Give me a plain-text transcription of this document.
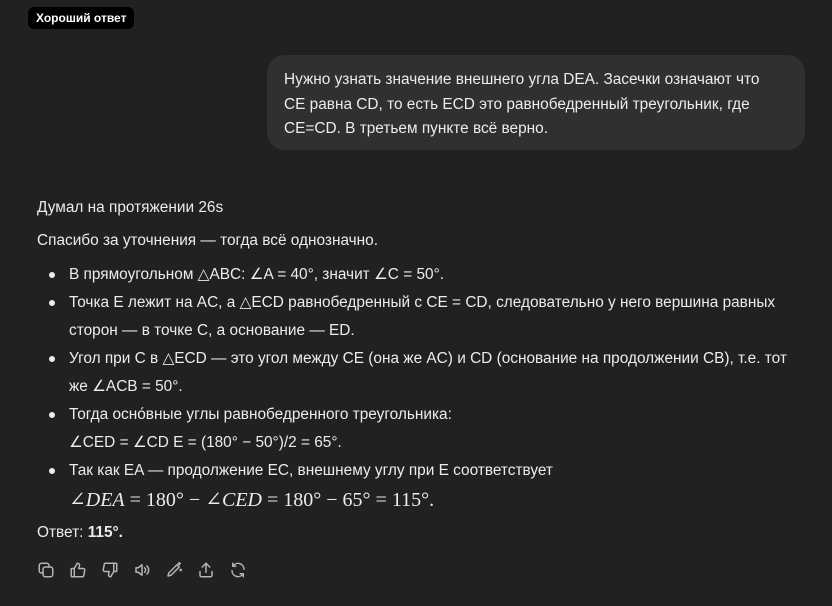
Хороший ответ
Нужно узнать значение внешнего угла DEA. Засечки означают что
CE равна CD, то есть ECD это равнобедренный треугольник, где
CE=CD. В третьем пункте всё верно.
Думал на протяжении 26s
Спасибо за уточнения — тогда всё однозначно.
В прямоугольном △ABC: ∠A = 40°, значит ∠C = 50°.
Точка E лежит на AC, а △ECD равнобедренный с CE = CD, следовательно у него вершина равных
сторон — в точке C, а основание — ED.
Угол при C в △ECD — это угол между CE (она же AC) и CD (основание на продолжении CB), т.е. тот
же ∠ACB = 50°.
Тогда осно́вные углы равнобедренного треугольника:
∠CED = ∠CD E = (180° − 50°)/2 = 65°.
Так как EA — продолжение EC, внешнему углу при E соответствует
∠DEA = 180° − ∠CED = 180° − 65° = 115°.
Ответ: 115°.
